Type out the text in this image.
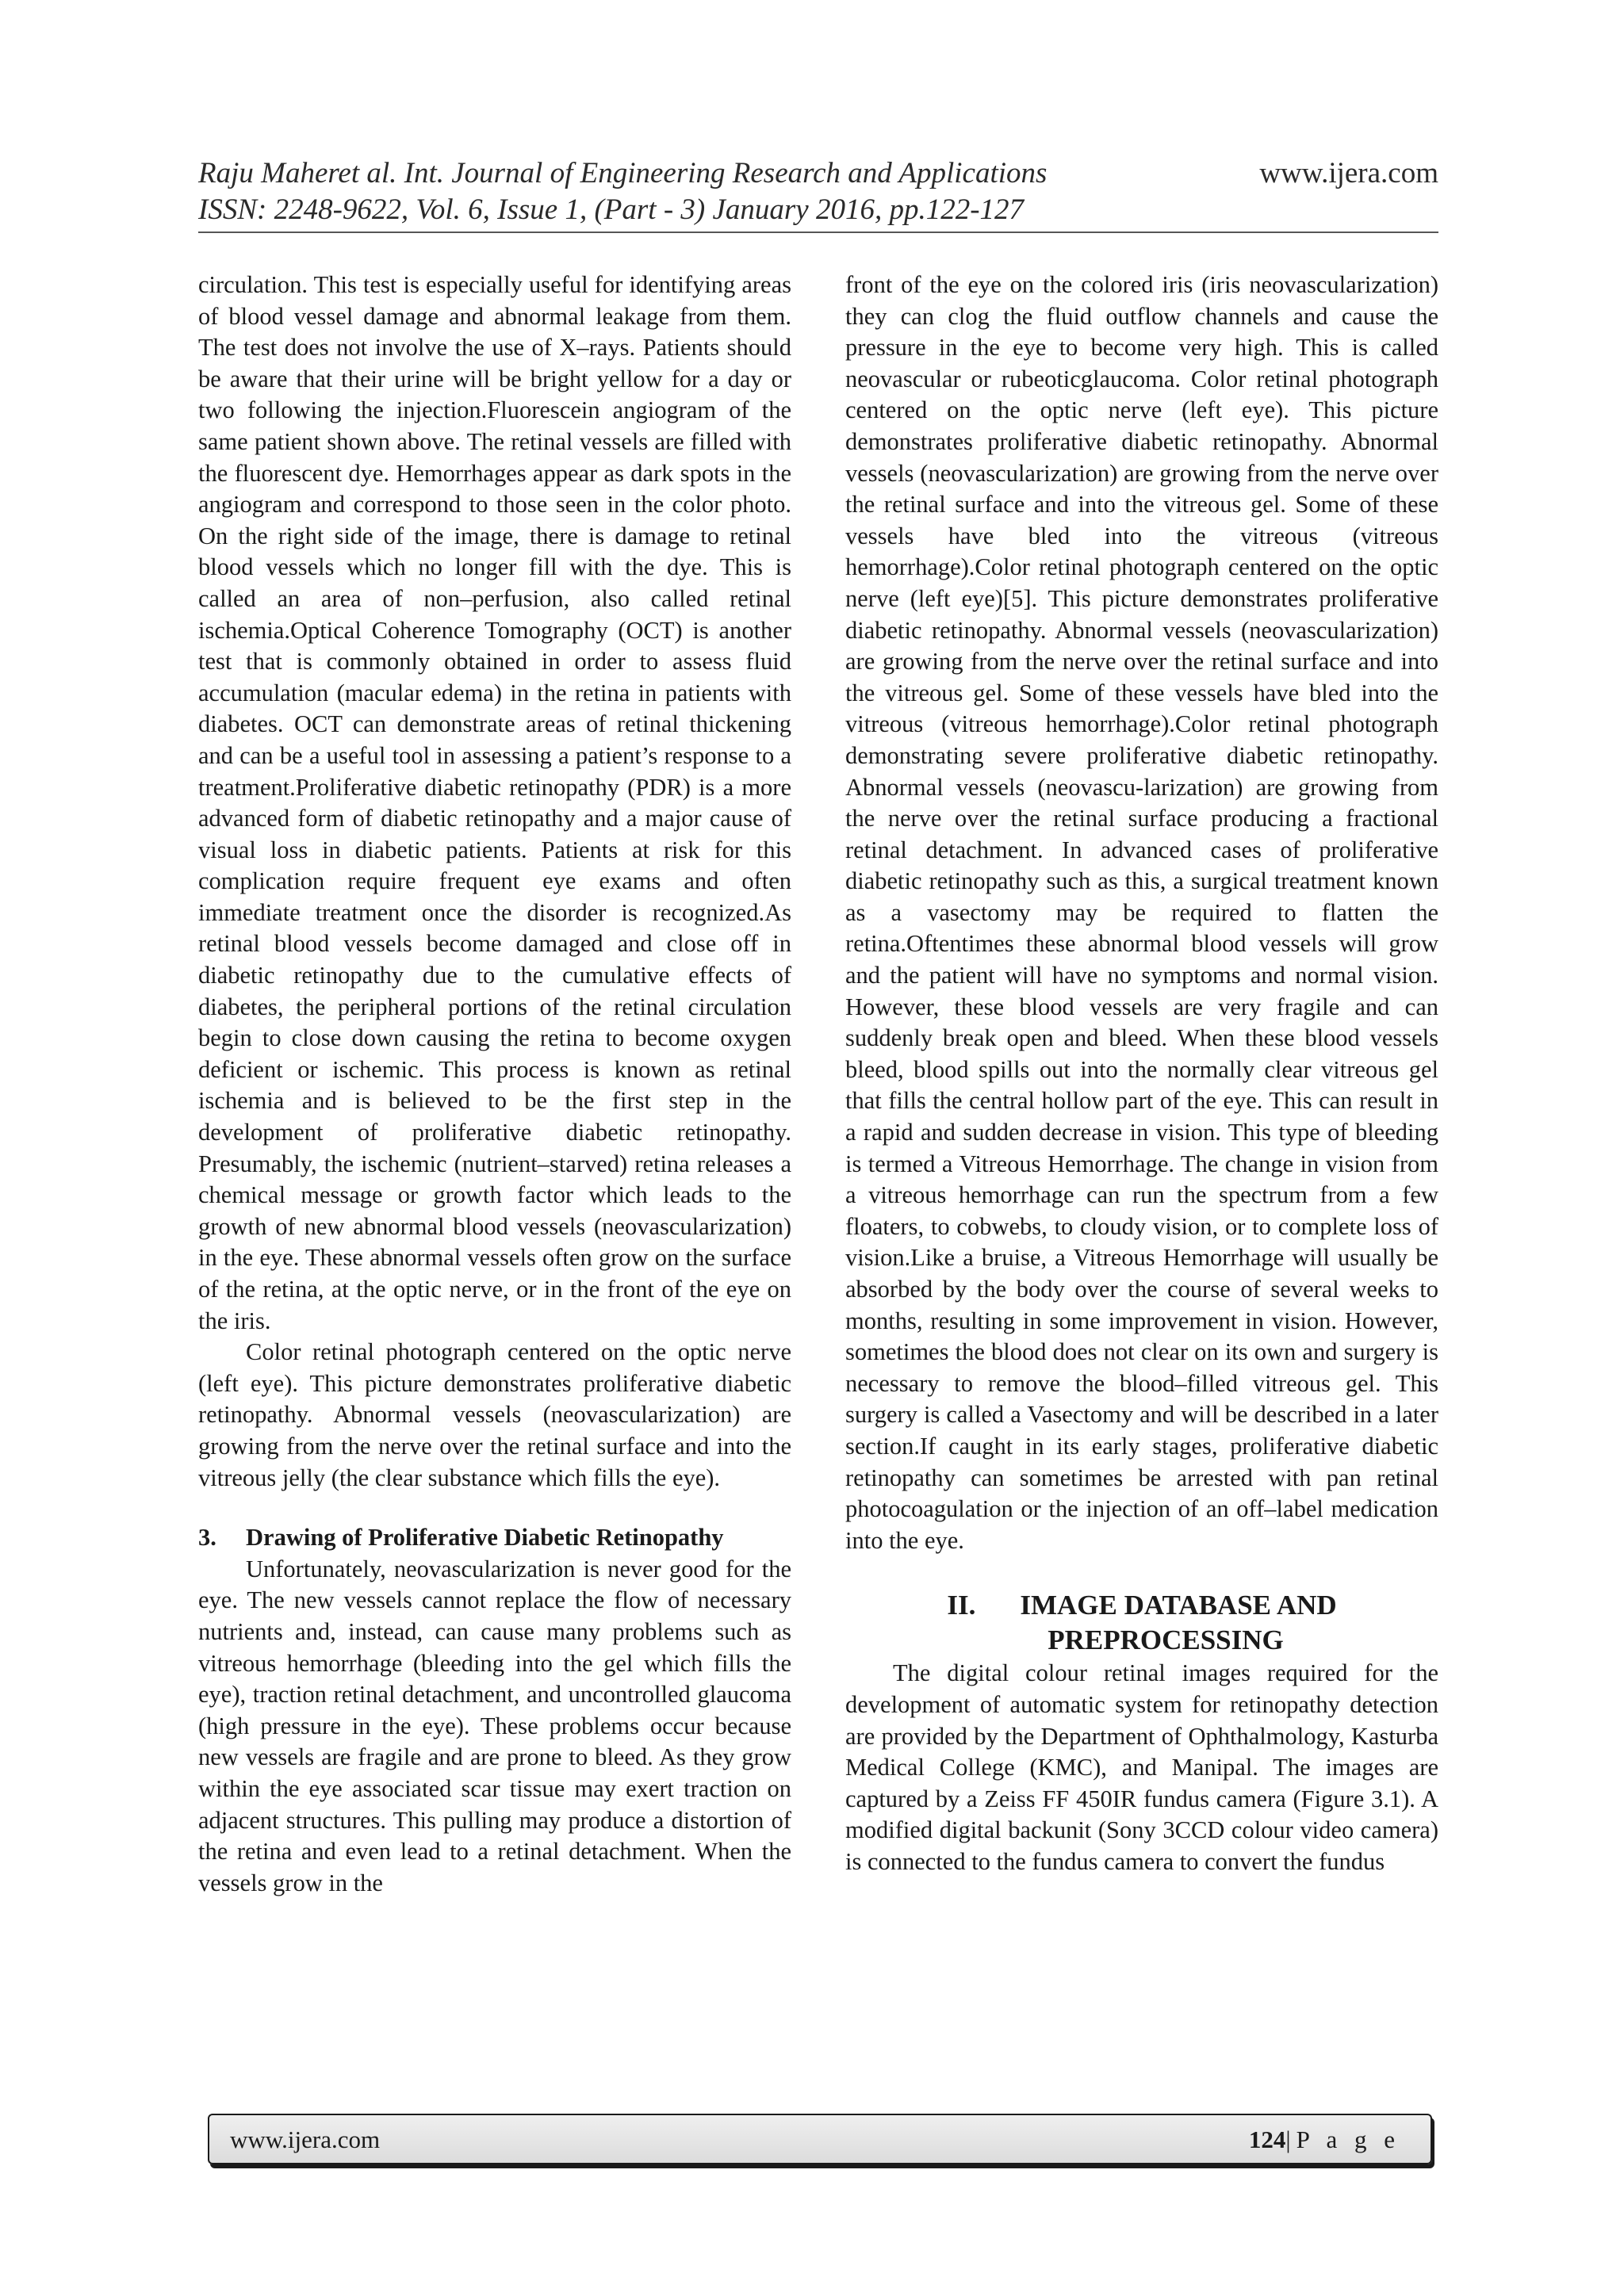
Raju Maheret al. Int. Journal of Engineering Research and Applications
ISSN: 2248-9622, Vol. 6, Issue 1, (Part - 3) January 2016, pp.122-127
www.ijera.com

circulation. This test is especially useful for identifying areas of blood vessel damage and abnormal leakage from them. The test does not involve the use of X–rays. Patients should be aware that their urine will be bright yellow for a day or two following the injection.Fluorescein angiogram of the same patient shown above. The retinal vessels are filled with the fluorescent dye. Hemorrhages appear as dark spots in the angiogram and correspond to those seen in the color photo. On the right side of the image, there is damage to retinal blood vessels which no longer fill with the dye. This is called an area of non–perfusion, also called retinal ischemia.Optical Coherence Tomography (OCT) is another test that is commonly obtained in order to assess fluid accumulation (macular edema) in the retina in patients with diabetes. OCT can demonstrate areas of retinal thickening and can be a useful tool in assessing a patient’s response to a treatment.Proliferative diabetic retinopathy (PDR) is a more advanced form of diabetic retinopathy and a major cause of visual loss in diabetic patients. Patients at risk for this complication require frequent eye exams and often immediate treatment once the disorder is recognized.As retinal blood vessels become damaged and close off in diabetic retinopathy due to the cumulative effects of diabetes, the peripheral portions of the retinal circulation begin to close down causing the retina to become oxygen deficient or ischemic. This process is known as retinal ischemia and is believed to be the first step in the development of proliferative diabetic retinopathy. Presumably, the ischemic (nutrient–starved) retina releases a chemical message or growth factor which leads to the growth of new abnormal blood vessels (neovascularization) in the eye. These abnormal vessels often grow on the surface of the retina, at the optic nerve, or in the front of the eye on the iris.

Color retinal photograph centered on the optic nerve (left eye). This picture demonstrates proliferative diabetic retinopathy. Abnormal vessels (neovascularization) are growing from the nerve over the retinal surface and into the vitreous jelly (the clear substance which fills the eye).

3.	Drawing of Proliferative Diabetic Retinopathy

Unfortunately, neovascularization is never good for the eye. The new vessels cannot replace the flow of necessary nutrients and, instead, can cause many problems such as vitreous hemorrhage (bleeding into the gel which fills the eye), traction retinal detachment, and uncontrolled glaucoma (high pressure in the eye). These problems occur because new vessels are fragile and are prone to bleed. As they grow within the eye associated scar tissue may exert traction on adjacent structures. This pulling may produce a distortion of the retina and even lead to a retinal detachment. When the vessels grow in the

front of the eye on the colored iris (iris neovascularization) they can clog the fluid outflow channels and cause the pressure in the eye to become very high. This is called neovascular or rubeoticglaucoma. Color retinal photograph centered on the optic nerve (left eye). This picture demonstrates proliferative diabetic retinopathy. Abnormal vessels (neovascularization) are growing from the nerve over the retinal surface and into the vitreous gel. Some of these vessels have bled into the vitreous (vitreous hemorrhage).Color retinal photograph centered on the optic nerve (left eye)[5]. This picture demonstrates proliferative diabetic retinopathy. Abnormal vessels (neovascularization) are growing from the nerve over the retinal surface and into the vitreous gel. Some of these vessels have bled into the vitreous (vitreous hemorrhage).Color retinal photograph demonstrating severe proliferative diabetic retinopathy. Abnormal vessels (neovascu-larization) are growing from the nerve over the retinal surface producing a fractional retinal detachment. In advanced cases of proliferative diabetic retinopathy such as this, a surgical treatment known as a vasectomy may be required to flatten the retina.Oftentimes these abnormal blood vessels will grow and the patient will have no symptoms and normal vision. However, these blood vessels are very fragile and can suddenly break open and bleed. When these blood vessels bleed, blood spills out into the normally clear vitreous gel that fills the central hollow part of the eye. This can result in a rapid and sudden decrease in vision. This type of bleeding is termed a Vitreous Hemorrhage. The change in vision from a vitreous hemorrhage can run the spectrum from a few floaters, to cobwebs, to cloudy vision, or to complete loss of vision.Like a bruise, a Vitreous Hemorrhage will usually be absorbed by the body over the course of several weeks to months, resulting in some improvement in vision. However, sometimes the blood does not clear on its own and surgery is necessary to remove the blood–filled vitreous gel. This surgery is called a Vasectomy and will be described in a later section.If caught in its early stages, proliferative diabetic retinopathy can sometimes be arrested with pan retinal photocoagulation or the injection of an off–label medication into the eye.

II. IMAGE DATABASE AND
PREPROCESSING

The digital colour retinal images required for the development of automatic system for retinopathy detection are provided by the Department of Ophthalmology, Kasturba Medical College (KMC), and Manipal. The images are captured by a Zeiss FF 450IR fundus camera (Figure 3.1). A modified digital backunit (Sony 3CCD colour video camera) is connected to the fundus camera to convert the fundus

www.ijera.com	124|P a g e
